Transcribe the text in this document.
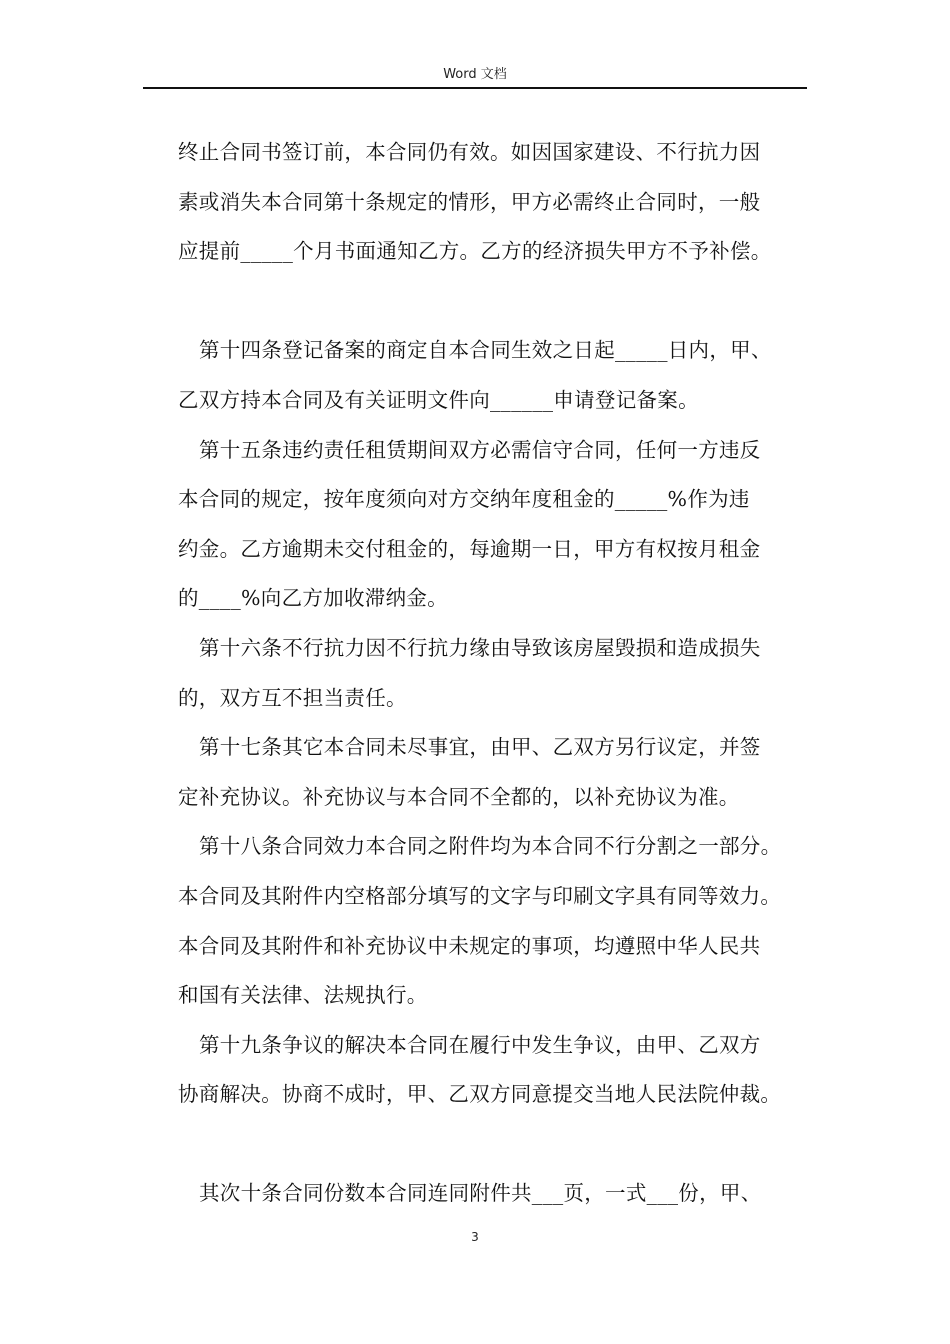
Word 文档
终止合同书签订前，本合同仍有效。如因国家建设、不行抗力因
素或消失本合同第十条规定的情形，甲方必需终止合同时，一般
应提前_____个月书面通知乙方。乙方的经济损失甲方不予补偿。
第十四条登记备案的商定自本合同生效之日起_____日内，甲、
乙双方持本合同及有关证明文件向______申请登记备案。
第十五条违约责任租赁期间双方必需信守合同，任何一方违反
本合同的规定，按年度须向对方交纳年度租金的_____%作为违
约金。乙方逾期未交付租金的，每逾期一日，甲方有权按月租金
的____%向乙方加收滞纳金。
第十六条不行抗力因不行抗力缘由导致该房屋毁损和造成损失
的，双方互不担当责任。
第十七条其它本合同未尽事宜，由甲、乙双方另行议定，并签
定补充协议。补充协议与本合同不全都的，以补充协议为准。
第十八条合同效力本合同之附件均为本合同不行分割之一部分。
本合同及其附件内空格部分填写的文字与印刷文字具有同等效力。
本合同及其附件和补充协议中未规定的事项，均遵照中华人民共
和国有关法律、法规执行。
第十九条争议的解决本合同在履行中发生争议，由甲、乙双方
协商解决。协商不成时，甲、乙双方同意提交当地人民法院仲裁。
其次十条合同份数本合同连同附件共___页，一式___份，甲、
3
